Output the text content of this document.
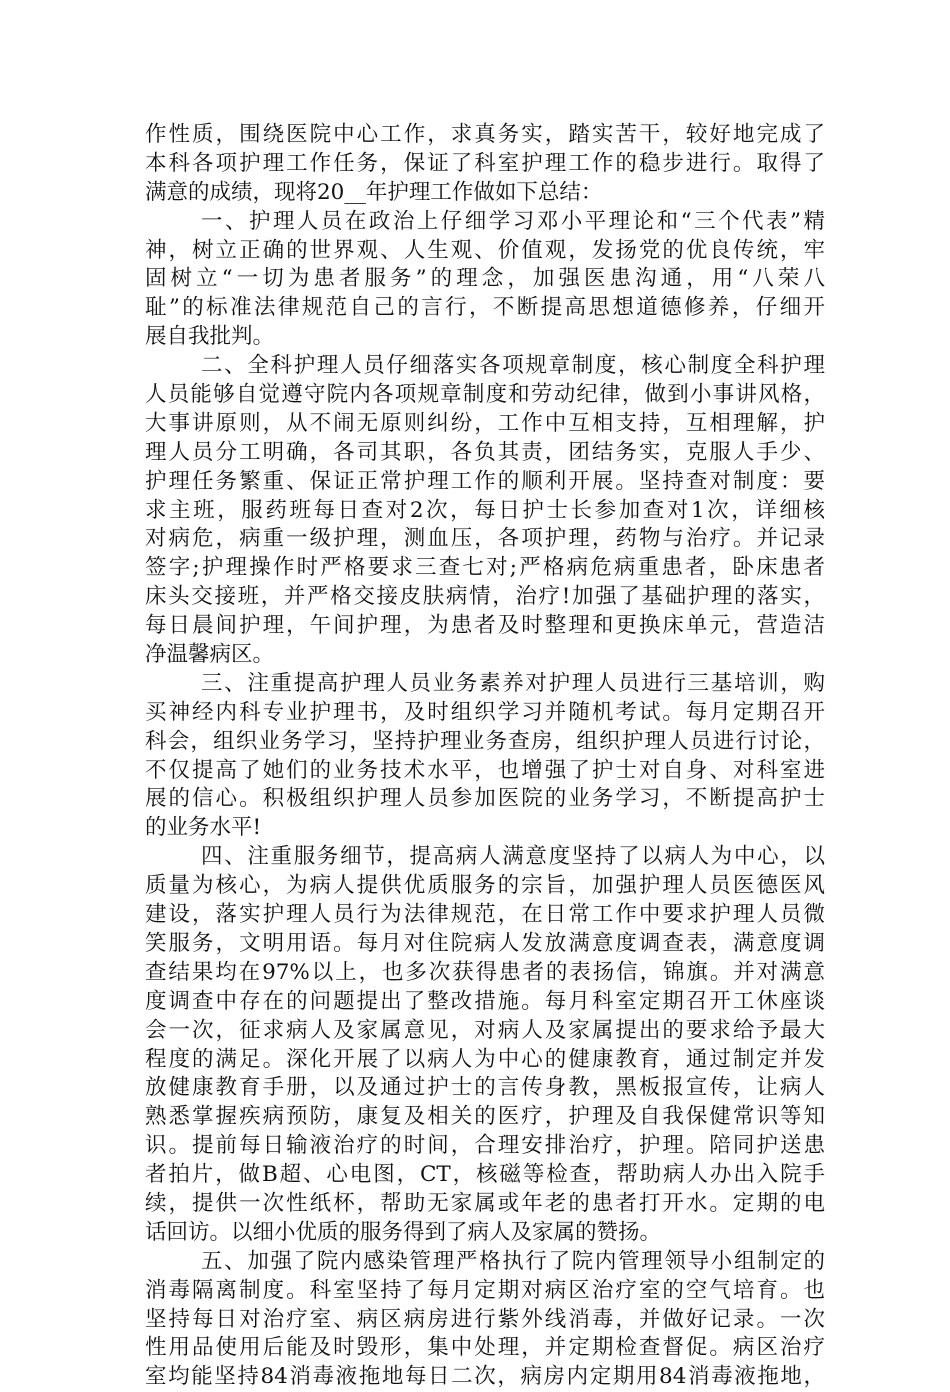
作性质，围绕医院中心工作，求真务实，踏实苦干，较好地完成了
本科各项护理工作任务，保证了科室护理工作的稳步进行。取得了
满意的成绩，现将20__年护理工作做如下总结：
一、护理人员在政治上仔细学习邓小平理论和“三个代表”精
神，树立正确的世界观、人生观、价值观，发扬党的优良传统，牢
固树立“一切为患者服务”的理念，加强医患沟通，用“八荣八
耻”的标准法律规范自己的言行，不断提高思想道德修养，仔细开
展自我批判。
二、全科护理人员仔细落实各项规章制度，核心制度全科护理
人员能够自觉遵守院内各项规章制度和劳动纪律，做到小事讲风格，
大事讲原则，从不闹无原则纠纷，工作中互相支持，互相理解，护
理人员分工明确，各司其职，各负其责，团结务实，克服人手少、
护理任务繁重、保证正常护理工作的顺利开展。坚持查对制度：要
求主班，服药班每日查对2次，每日护士长参加查对1次，详细核
对病危，病重一级护理，测血压，各项护理，药物与治疗。并记录
签字;护理操作时严格要求三查七对;严格病危病重患者，卧床患者
床头交接班，并严格交接皮肤病情，治疗!加强了基础护理的落实，
每日晨间护理，午间护理，为患者及时整理和更换床单元，营造洁
净温馨病区。
三、注重提高护理人员业务素养对护理人员进行三基培训，购
买神经内科专业护理书，及时组织学习并随机考试。每月定期召开
科会，组织业务学习，坚持护理业务查房，组织护理人员进行讨论，
不仅提高了她们的业务技术水平，也增强了护士对自身、对科室进
展的信心。积极组织护理人员参加医院的业务学习，不断提高护士
的业务水平!
四、注重服务细节，提高病人满意度坚持了以病人为中心，以
质量为核心，为病人提供优质服务的宗旨，加强护理人员医德医风
建设，落实护理人员行为法律规范，在日常工作中要求护理人员微
笑服务，文明用语。每月对住院病人发放满意度调查表，满意度调
查结果均在97%以上，也多次获得患者的表扬信，锦旗。并对满意
度调查中存在的问题提出了整改措施。每月科室定期召开工休座谈
会一次，征求病人及家属意见，对病人及家属提出的要求给予最大
程度的满足。深化开展了以病人为中心的健康教育，通过制定并发
放健康教育手册，以及通过护士的言传身教，黑板报宣传，让病人
熟悉掌握疾病预防，康复及相关的医疗，护理及自我保健常识等知
识。提前每日输液治疗的时间，合理安排治疗，护理。陪同护送患
者拍片，做B超、心电图，CT，核磁等检查，帮助病人办出入院手
续，提供一次性纸杯，帮助无家属或年老的患者打开水。定期的电
话回访。以细小优质的服务得到了病人及家属的赞扬。
五、加强了院内感染管理严格执行了院内管理领导小组制定的
消毒隔离制度。科室坚持了每月定期对病区治疗室的空气培育。也
坚持每日对治疗室、病区病房进行紫外线消毒，并做好记录。一次
性用品使用后能及时毁形，集中处理，并定期检查督促。病区治疗
室均能坚持84消毒液拖地每日二次，病房内定期用84消毒液拖地，
